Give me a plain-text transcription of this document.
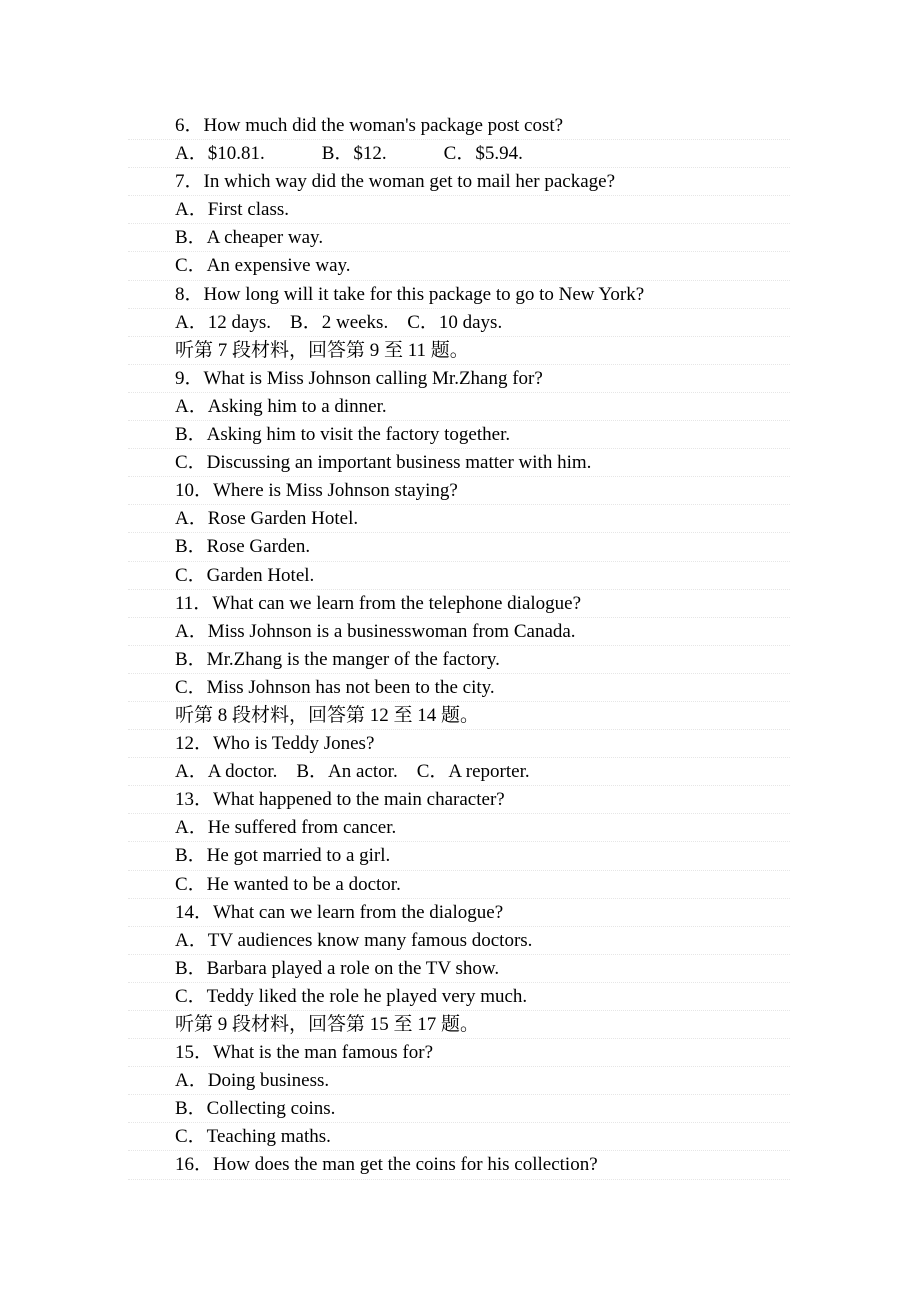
6．How much did the woman's package post cost?
A．$10.81.            B．$12.            C．$5.94.
7．In which way did the woman get to mail her package?
A．First class.
B．A cheaper way.
C．An expensive way.
8．How long will it take for this package to go to New York?
A．12 days.    B．2 weeks.    C．10 days.
听第 7 段材料，回答第 9 至 11 题。
9．What is Miss Johnson calling Mr.Zhang for?
A．Asking him to a dinner.
B．Asking him to visit the factory together.
C．Discussing an important business matter with him.
10．Where is Miss Johnson staying?
A．Rose Garden Hotel.
B．Rose Garden.
C．Garden Hotel.
11．What can we learn from the telephone dialogue?
A．Miss Johnson is a businesswoman from Canada.
B．Mr.Zhang is the manger of the factory.
C．Miss Johnson has not been to the city.
听第 8 段材料，回答第 12 至 14 题。
12．Who is Teddy Jones?
A．A doctor.    B．An actor.    C．A reporter.
13．What happened to the main character?
A．He suffered from cancer.
B．He got married to a girl.
C．He wanted to be a doctor.
14．What can we learn from the dialogue?
A．TV audiences know many famous doctors.
B．Barbara played a role on the TV show.
C．Teddy liked the role he played very much.
听第 9 段材料，回答第 15 至 17 题。
15．What is the man famous for?
A．Doing business.
B．Collecting coins.
C．Teaching maths.
16．How does the man get the coins for his collection?
